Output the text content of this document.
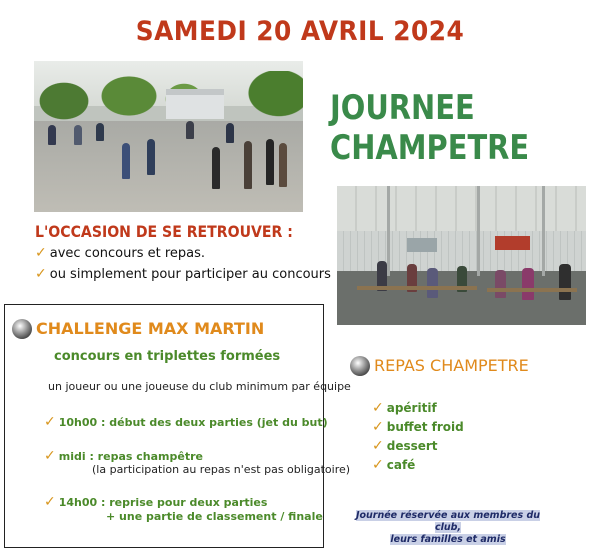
SAMEDI 20 AVRIL 2024
JOURNEE
CHAMPETRE
L'OCCASION DE SE RETROUVER :
✓ avec concours et repas.
✓ ou simplement pour participer au concours
CHALLENGE MAX MARTIN
concours en triplettes formées
un joueur ou une joueuse du club minimum par équipe
✓ 10h00 : début des deux parties (jet du but)
✓ midi : repas champêtre
(la participation au repas n'est pas obligatoire)
✓ 14h00 : reprise pour deux parties
+ une partie de classement / finale
REPAS CHAMPETRE
✓ apéritif
✓ buffet froid
✓ dessert
✓ café
Journée réservée aux membres du club,
leurs familles et amis
